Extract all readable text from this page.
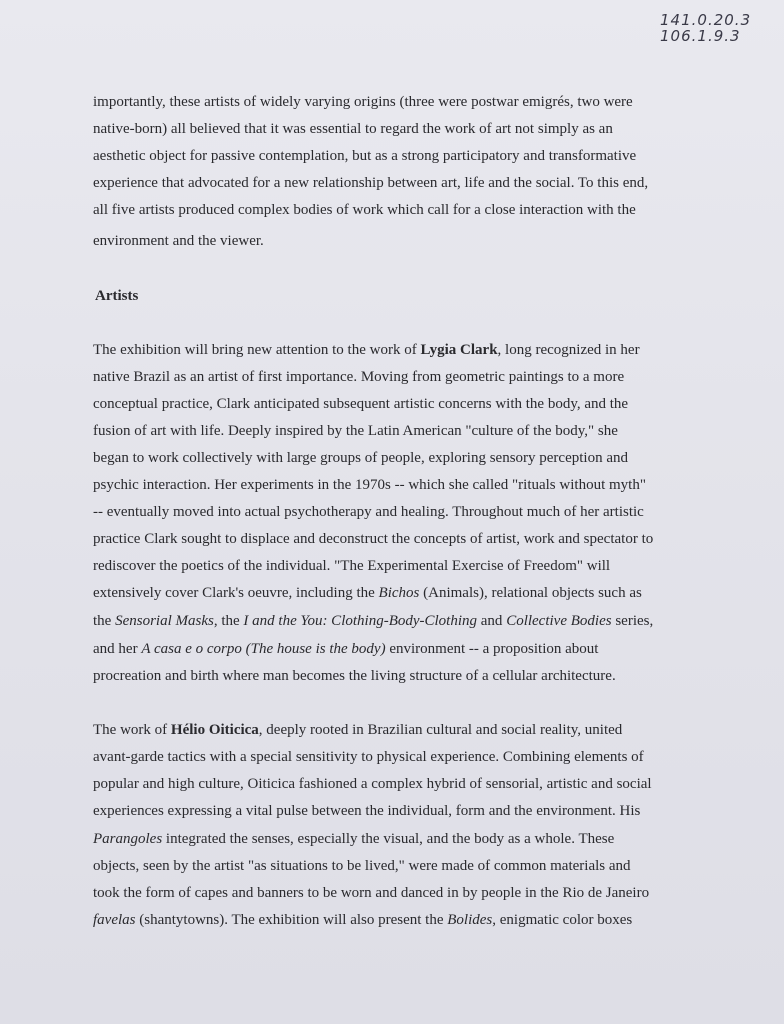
141.0.20.3
106.1.9.3
importantly, these artists of widely varying origins (three were postwar emigrés, two were
native-born) all believed that it was essential to regard the work of art not simply as an
aesthetic object for passive contemplation, but as a strong participatory and transformative
experience that advocated for a new relationship between art, life and the social. To this end,
all five artists produced complex bodies of work which call for a close interaction with the
environment and the viewer.
Artists
The exhibition will bring new attention to the work of Lygia Clark, long recognized in her
native Brazil as an artist of first importance. Moving from geometric paintings to a more
conceptual practice, Clark anticipated subsequent artistic concerns with the body, and the
fusion of art with life. Deeply inspired by the Latin American "culture of the body," she
began to work collectively with large groups of people, exploring sensory perception and
psychic interaction. Her experiments in the 1970s -- which she called "rituals without myth"
-- eventually moved into actual psychotherapy and healing. Throughout much of her artistic
practice Clark sought to displace and deconstruct the concepts of artist, work and spectator to
rediscover the poetics of the individual. "The Experimental Exercise of Freedom" will
extensively cover Clark's oeuvre, including the Bichos (Animals), relational objects such as
the Sensorial Masks, the I and the You: Clothing-Body-Clothing and Collective Bodies series,
and her A casa e o corpo (The house is the body) environment -- a proposition about
procreation and birth where man becomes the living structure of a cellular architecture.
The work of Hélio Oiticica, deeply rooted in Brazilian cultural and social reality, united
avant-garde tactics with a special sensitivity to physical experience. Combining elements of
popular and high culture, Oiticica fashioned a complex hybrid of sensorial, artistic and social
experiences expressing a vital pulse between the individual, form and the environment. His
Parangoles integrated the senses, especially the visual, and the body as a whole. These
objects, seen by the artist "as situations to be lived," were made of common materials and
took the form of capes and banners to be worn and danced in by people in the Rio de Janeiro
favelas (shantytowns). The exhibition will also present the Bolides, enigmatic color boxes
